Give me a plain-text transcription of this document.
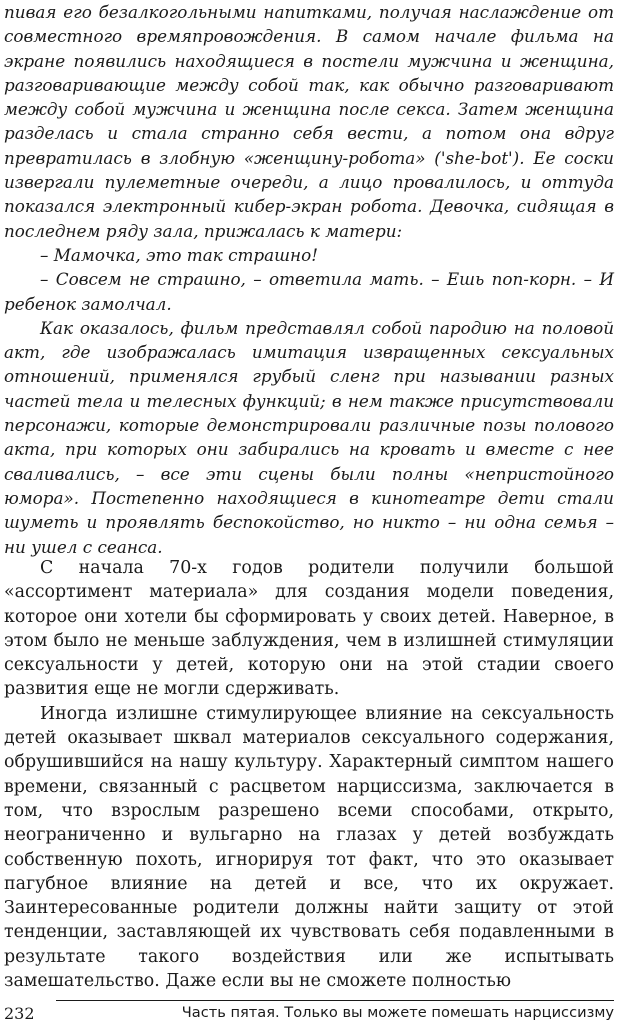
пивая его безалкогольными напитками, получая наслаждение от совместного времяпровождения. В самом начале фильма на экране появились находящиеся в постели мужчина и женщина, разговаривающие между собой так, как обычно разговаривают между собой мужчина и женщина после секса. Затем женщина разделась и стала странно себя вести, а потом она вдруг превратилась в злобную «женщину-робота» ('she-bot'). Ее соски извергали пулеметные очереди, а лицо провалилось, и оттуда показался электронный кибер-экран робота. Девочка, сидящая в последнем ряду зала, прижалась к матери:

– Мамочка, это так страшно!

– Совсем не страшно, – ответила мать. – Ешь поп-корн. – И ребенок замолчал.

Как оказалось, фильм представлял собой пародию на половой акт, где изображалась имитация извращенных сексуальных отношений, применялся грубый сленг при назывании разных частей тела и телесных функций; в нем также присутствовали персонажи, которые демонстрировали различные позы полового акта, при которых они забирались на кровать и вместе с нее сваливались, – все эти сцены были полны «непристойного юмора». Постепенно находящиеся в кинотеатре дети стали шуметь и проявлять беспокойство, но никто – ни одна семья – ни ушел с сеанса.

С начала 70-х годов родители получили большой «ассортимент материала» для создания модели поведения, которое они хотели бы сформировать у своих детей. Наверное, в этом было не меньше заблуждения, чем в излишней стимуляции сексуальности у детей, которую они на этой стадии своего развития еще не могли сдерживать.

Иногда излишне стимулирующее влияние на сексуальность детей оказывает шквал материалов сексуального содержания, обрушившийся на нашу культуру. Характерный симптом нашего времени, связанный с расцветом нарциссизма, заключается в том, что взрослым разрешено всеми способами, открыто, неограниченно и вульгарно на глазах у детей возбуждать собственную похоть, игнорируя тот факт, что это оказывает пагубное влияние на детей и все, что их окружает. Заинтересованные родители должны найти защиту от этой тенденции, заставляющей их чувствовать себя подавленными в результате такого воздействия или же испытывать замешательство. Даже если вы не сможете полностью

232	Часть пятая. Только вы можете помешать нарциссизму
